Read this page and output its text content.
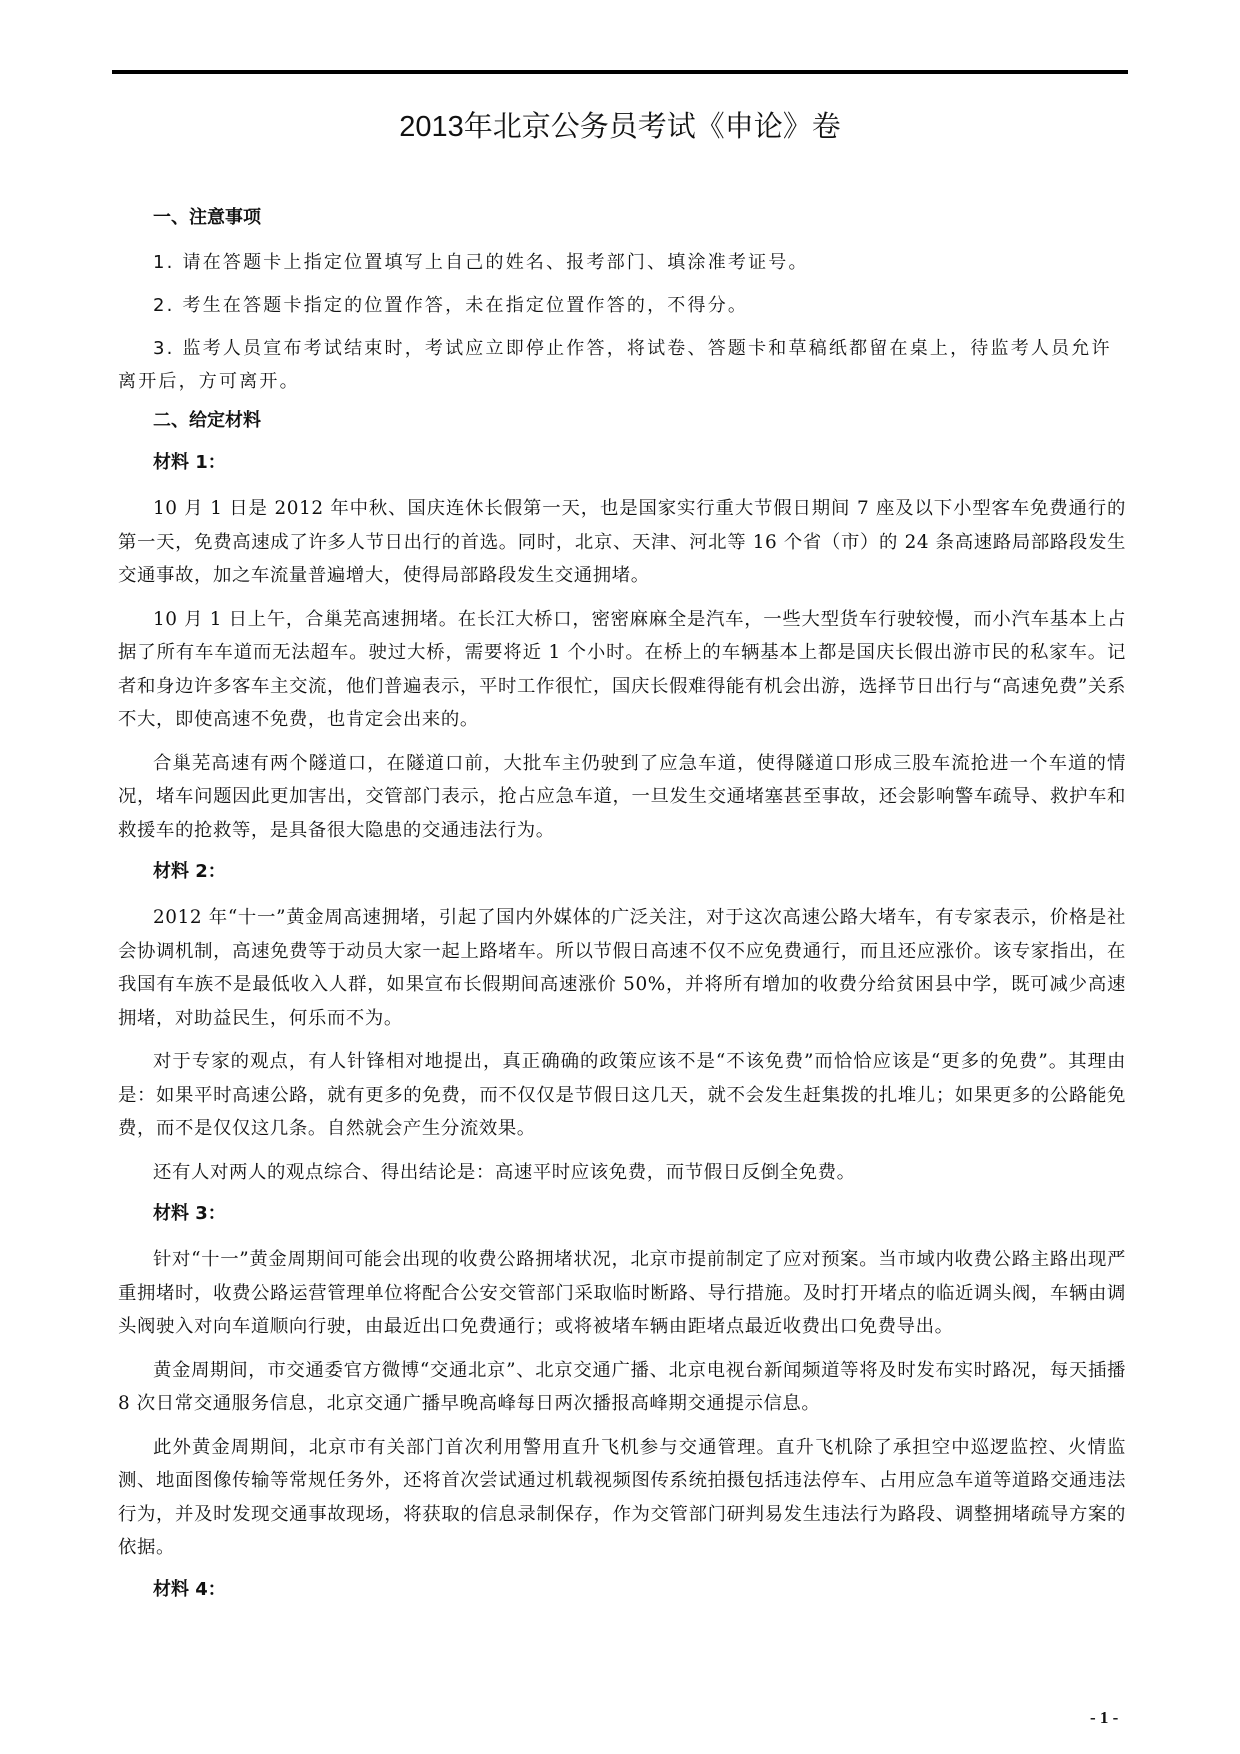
2013年北京公务员考试《申论》卷
一、注意事项

1. 请在答题卡上指定位置填写上自己的姓名、报考部门、填涂准考证号。

2. 考生在答题卡指定的位置作答，未在指定位置作答的，不得分。

3. 监考人员宣布考试结束时，考试应立即停止作答，将试卷、答题卡和草稿纸都留在桌上，待监考人员允许离开后，方可离开。

二、给定材料
材料 1：

10 月 1 日是 2012 年中秋、国庆连休长假第一天，也是国家实行重大节假日期间 7 座及以下小型客车免费通行的第一天，免费高速成了许多人节日出行的首选。同时，北京、天津、河北等 16 个省（市）的 24 条高速路局部路段发生交通事故，加之车流量普遍增大，使得局部路段发生交通拥堵。

10 月 1 日上午，合巢芜高速拥堵。在长江大桥口，密密麻麻全是汽车，一些大型货车行驶较慢，而小汽车基本上占据了所有车车道而无法超车。驶过大桥，需要将近 1 个小时。在桥上的车辆基本上都是国庆长假出游市民的私家车。记者和身边许多客车主交流，他们普遍表示，平时工作很忙，国庆长假难得能有机会出游，选择节日出行与“高速免费”关系不大，即使高速不免费，也肯定会出来的。

合巢芜高速有两个隧道口，在隧道口前，大批车主仍驶到了应急车道，使得隧道口形成三股车流抢进一个车道的情况，堵车问题因此更加害出，交管部门表示，抢占应急车道，一旦发生交通堵塞甚至事故，还会影响警车疏导、救护车和救援车的抢救等，是具备很大隐患的交通违法行为。

材料 2：

2012 年“十一”黄金周高速拥堵，引起了国内外媒体的广泛关注，对于这次高速公路大堵车，有专家表示，价格是社会协调机制，高速免费等于动员大家一起上路堵车。所以节假日高速不仅不应免费通行，而且还应涨价。该专家指出，在我国有车族不是最低收入人群，如果宣布长假期间高速涨价 50%，并将所有增加的收费分给贫困县中学，既可减少高速拥堵，对助益民生，何乐而不为。

对于专家的观点，有人针锋相对地提出，真正确确的政策应该不是“不该免费”而恰恰应该是“更多的免费”。其理由是：如果平时高速公路，就有更多的免费，而不仅仅是节假日这几天，就不会发生赶集拨的扎堆儿；如果更多的公路能免费，而不是仅仅这几条。自然就会产生分流效果。

还有人对两人的观点综合、得出结论是：高速平时应该免费，而节假日反倒全免费。

材料 3：

针对“十一”黄金周期间可能会出现的收费公路拥堵状况，北京市提前制定了应对预案。当市域内收费公路主路出现严重拥堵时，收费公路运营管理单位将配合公安交管部门采取临时断路、导行措施。及时打开堵点的临近调头阀，车辆由调头阀驶入对向车道顺向行驶，由最近出口免费通行；或将被堵车辆由距堵点最近收费出口免费导出。

黄金周期间，市交通委官方微博“交通北京”、北京交通广播、北京电视台新闻频道等将及时发布实时路况，每天插播 8 次日常交通服务信息，北京交通广播早晚高峰每日两次播报高峰期交通提示信息。

此外黄金周期间，北京市有关部门首次利用警用直升飞机参与交通管理。直升飞机除了承担空中巡逻监控、火情监测、地面图像传输等常规任务外，还将首次尝试通过机载视频图传系统拍摄包括违法停车、占用应急车道等道路交通违法行为，并及时发现交通事故现场，将获取的信息录制保存，作为交管部门研判易发生违法行为路段、调整拥堵疏导方案的依据。

材料 4：
- 1 -
